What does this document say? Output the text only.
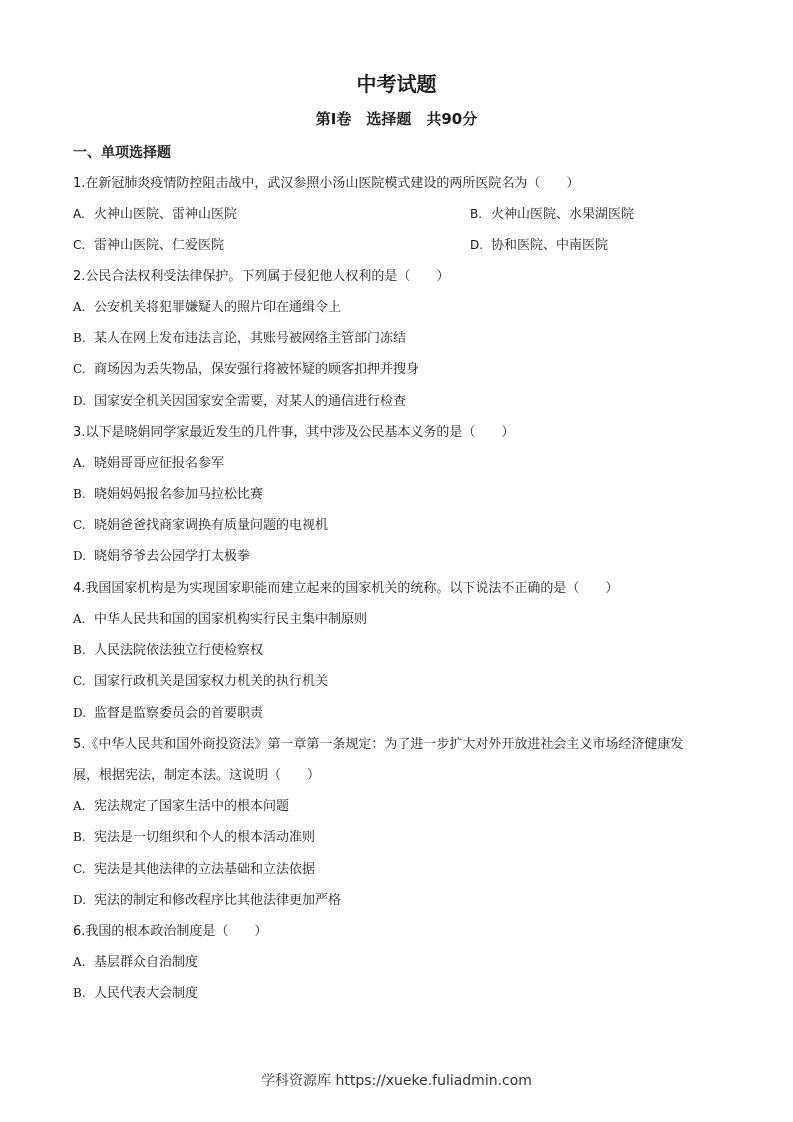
中考试题
第Ⅰ卷　选择题　共90分
一、单项选择题
1.在新冠肺炎疫情防控阻击战中，武汉参照小汤山医院模式建设的两所医院名为（　　）
A. 火神山医院、雷神山医院	B. 火神山医院、水果湖医院
C. 雷神山医院、仁爱医院	D. 协和医院、中南医院
2.公民合法权利受法律保护。下列属于侵犯他人权利的是（　　）
A. 公安机关将犯罪嫌疑人的照片印在通缉令上
B. 某人在网上发布违法言论，其账号被网络主管部门冻结
C. 商场因为丢失物品，保安强行将被怀疑的顾客扣押并搜身
D. 国家安全机关因国家安全需要，对某人的通信进行检查
3.以下是晓娟同学家最近发生的几件事，其中涉及公民基本义务的是（　　）
A. 晓娟哥哥应征报名参军
B. 晓娟妈妈报名参加马拉松比赛
C. 晓娟爸爸找商家调换有质量问题的电视机
D. 晓娟爷爷去公园学打太极拳
4.我国国家机构是为实现国家职能而建立起来的国家机关的统称。以下说法不正确的是（　　）
A. 中华人民共和国的国家机构实行民主集中制原则
B. 人民法院依法独立行使检察权
C. 国家行政机关是国家权力机关的执行机关
D. 监督是监察委员会的首要职责
5.《中华人民共和国外商投资法》第一章第一条规定：为了进一步扩大对外开放进社会主义市场经济健康发
展，根据宪法，制定本法。这说明（　　）
A. 宪法规定了国家生活中的根本问题
B. 宪法是一切组织和个人的根本活动准则
C. 宪法是其他法律的立法基础和立法依据
D. 宪法的制定和修改程序比其他法律更加严格
6.我国的根本政治制度是（　　）
A. 基层群众自治制度
B. 人民代表大会制度
学科资源库 https://xueke.fuliadmin.com
